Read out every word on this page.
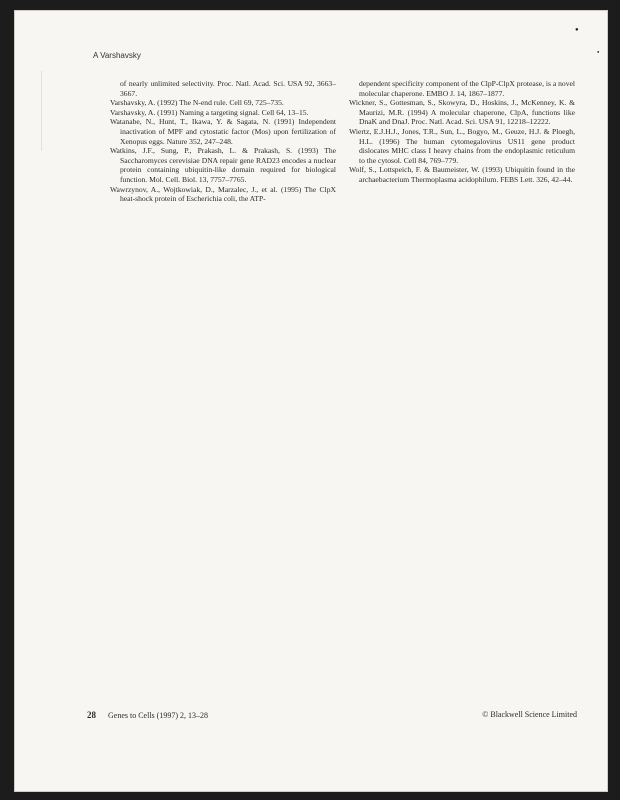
●
●
A Varshavsky

of nearly unlimited selectivity. Proc. Natl. Acad. Sci. USA 92, 3663–3667.

Varshavsky, A. (1992) The N-end rule. Cell 69, 725–735.

Varshavsky, A. (1991) Naming a targeting signal. Cell 64, 13–15.

Watanabe, N., Hunt, T., Ikawa, Y. & Sagata, N. (1991) Independent inactivation of MPF and cytostatic factor (Mos) upon fertilization of Xenopus eggs. Nature 352, 247–248.

Watkins, J.F., Sung, P., Prakash, L. & Prakash, S. (1993) The Saccharomyces cerevisiae DNA repair gene RAD23 encodes a nuclear protein containing ubiquitin-like domain required for biological function. Mol. Cell. Biol. 13, 7757–7765.

Wawrzynov, A., Wojtkowiak, D., Marzalec, J., et al. (1995) The ClpX heat-shock protein of Escherichia coli, the ATP-

dependent specificity component of the ClpP-ClpX protease, is a novel molecular chaperone. EMBO J. 14, 1867–1877.

Wickner, S., Gottesman, S., Skowyra, D., Hoskins, J., McKenney, K. & Maurizi, M.R. (1994) A molecular chaperone, ClpA, functions like DnaK and DnaJ. Proc. Natl. Acad. Sci. USA 91, 12218–12222.

Wiertz, E.J.H.J., Jones, T.R., Sun, L., Bogyo, M., Geuze, H.J. & Ploegh, H.L. (1996) The human cytomegalovirus US11 gene product dislocates MHC class I heavy chains from the endoplasmic reticulum to the cytosol. Cell 84, 769–779.

Wolf, S., Lottspeich, F. & Baumeister, W. (1993) Ubiquitin found in the archaebacterium Thermoplasma acidophilum. FEBS Lett. 326, 42–44.

28 Genes to Cells (1997) 2, 13–28	© Blackwell Science Limited
